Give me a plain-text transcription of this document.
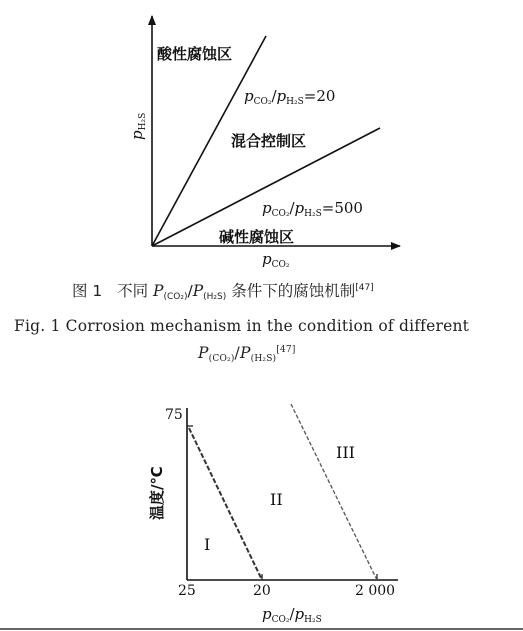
酸性腐蚀区
混合控制区
碱性腐蚀区
$p_{CO_2}/p_{H_2S}=20$
$p_{CO_2}/p_{H_2S}=500$
$p_{H_2S}$
$p_{CO_2}$
图 1 不同 $P_{(CO_2)}/P_{(H_2S)}$ 条件下的腐蚀机制[47]
Fig. 1 Corrosion mechanism in the condition of different
$P_{(CO_2)}/P_{(H_2S)}[47]$
温度/℃
75
25	20	2 000
I
II
III
$p_{CO_2}/p_{H_2S}$
